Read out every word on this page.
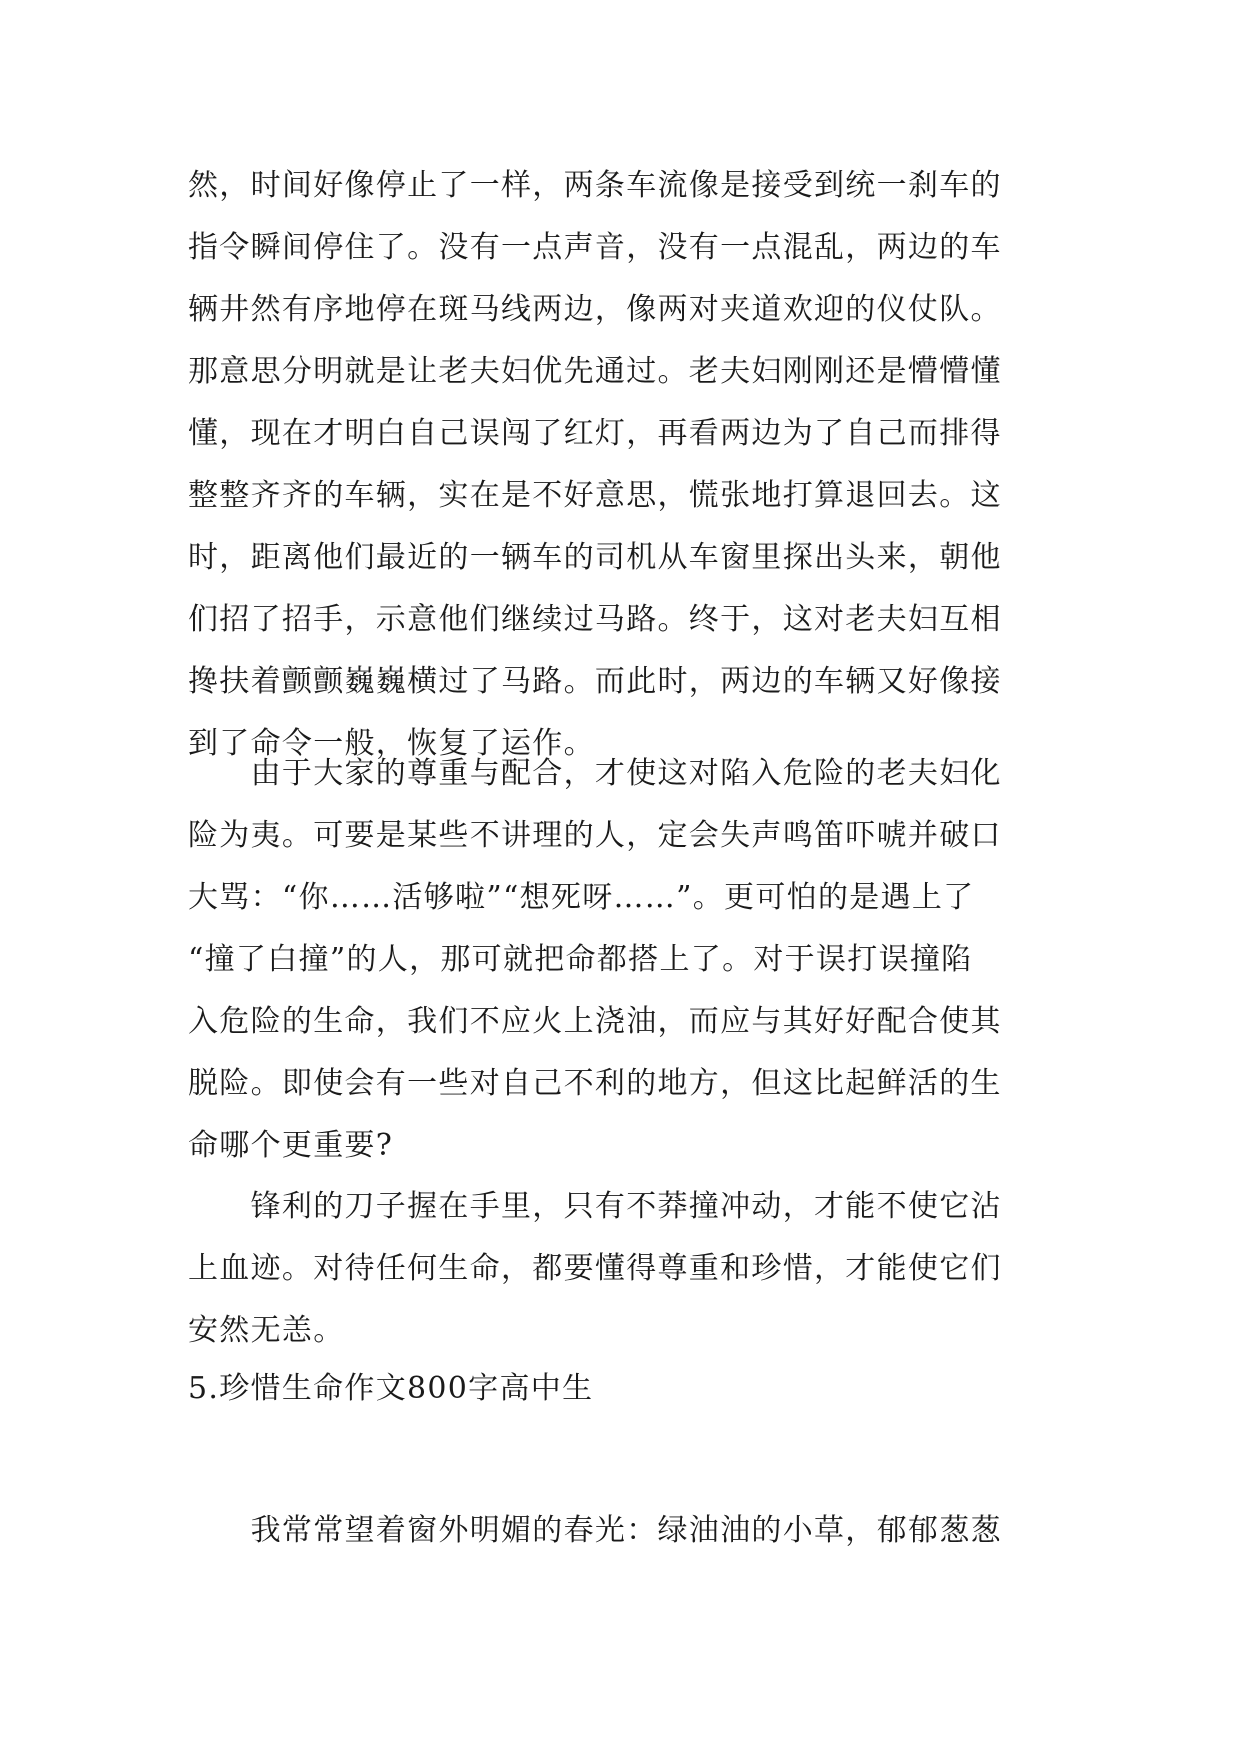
然，时间好像停止了一样，两条车流像是接受到统一刹车的
指令瞬间停住了。没有一点声音，没有一点混乱，两边的车
辆井然有序地停在斑马线两边，像两对夹道欢迎的仪仗队。
那意思分明就是让老夫妇优先通过。老夫妇刚刚还是懵懵懂
懂，现在才明白自己误闯了红灯，再看两边为了自己而排得
整整齐齐的车辆，实在是不好意思，慌张地打算退回去。这
时，距离他们最近的一辆车的司机从车窗里探出头来，朝他
们招了招手，示意他们继续过马路。终于，这对老夫妇互相
搀扶着颤颤巍巍横过了马路。而此时，两边的车辆又好像接
到了命令一般，恢复了运作。
　　由于大家的尊重与配合，才使这对陷入危险的老夫妇化
险为夷。可要是某些不讲理的人，定会失声鸣笛吓唬并破口
大骂：“你……活够啦”“想死呀……”。更可怕的是遇上了
“撞了白撞”的人，那可就把命都搭上了。对于误打误撞陷
入危险的生命，我们不应火上浇油，而应与其好好配合使其
脱险。即使会有一些对自己不利的地方，但这比起鲜活的生
命哪个更重要?
　　锋利的刀子握在手里，只有不莽撞冲动，才能不使它沾
上血迹。对待任何生命，都要懂得尊重和珍惜，才能使它们
安然无恙。
5.珍惜生命作文800字高中生
　　我常常望着窗外明媚的春光：绿油油的小草，郁郁葱葱
